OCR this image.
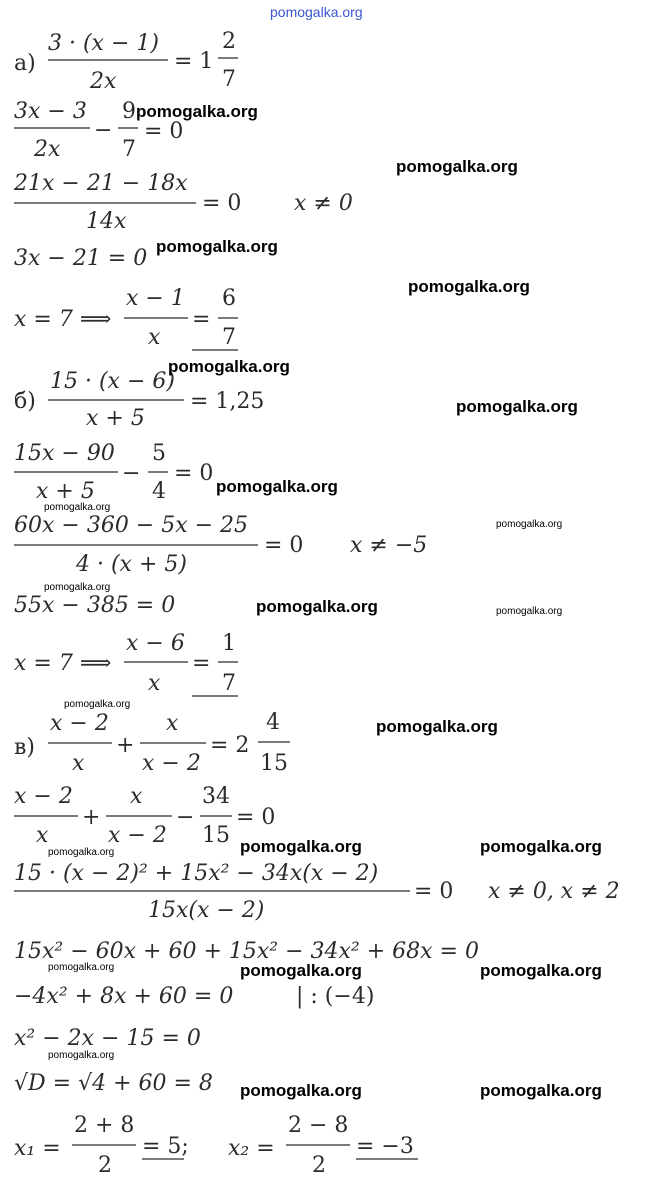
pomogalka.org
а)
3 · (x − 1)
2x
= 1
2
7
3x − 3
2x
−
9
7
= 0
21x − 21 − 18x
14x
= 0 x ≠ 0
3x − 21 = 0
x = 7 ⟹
x − 1
x
=
6
7
б)
15 · (x − 6)
x + 5
= 1,25
15x − 90
x + 5
−
5
4
= 0
60x − 360 − 5x − 25
4 · (x + 5)
= 0 x ≠ −5
55x − 385 = 0
x = 7 ⟹
x − 6
x
=
1
7
в)
x − 2
x
+
x
x − 2
= 2
4
15
x − 2
x
+
x
x − 2
−
34
15
= 0
15 · (x − 2)² + 15x² − 34x(x − 2)
15x(x − 2)
= 0 x ≠ 0, x ≠ 2
15x² − 60x + 60 + 15x² − 34x² + 68x = 0
−4x² + 8x + 60 = 0	| : (−4)
x² − 2x − 15 = 0
√D = √4 + 60 = 8
x₁ =
2 + 8
2
= 5; x₂ =
2 − 8
2
= −3
pomogalka.org
pomogalka.org
pomogalka.org
pomogalka.org
pomogalka.org
pomogalka.org
pomogalka.org
pomogalka.org
pomogalka.org
pomogalka.org
pomogalka.org	pomogalka.org
pomogalka.org
pomogalka.org
pomogalka.org	pomogalka.org
pomogalka.org
pomogalka.org	pomogalka.org	pomogalka.org
pomogalka.org
pomogalka.org	pomogalka.org
